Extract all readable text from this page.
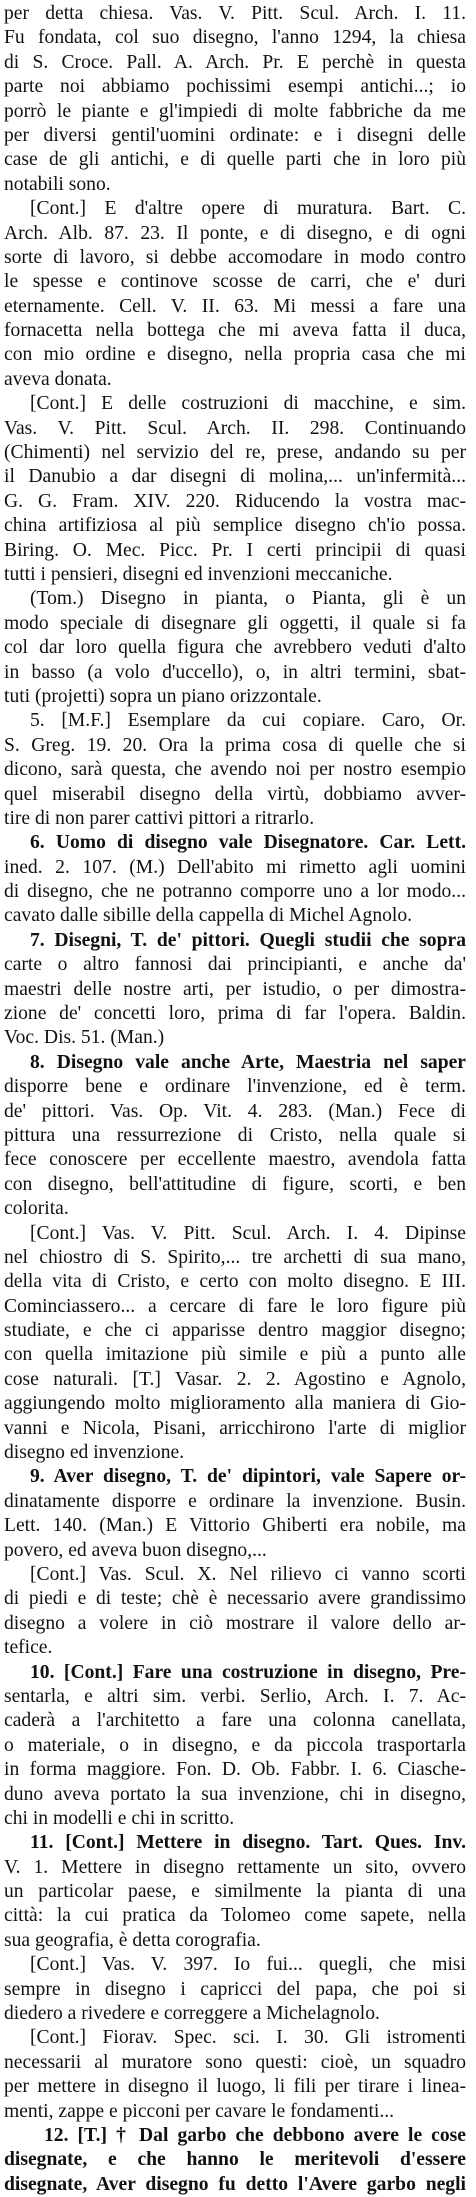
per detta chiesa. Vas. V. Pitt. Scul. Arch. I. 11.
Fu fondata, col suo disegno, l'anno 1294, la chiesa
di S. Croce. Pall. A. Arch. Pr. E perchè in questa
parte noi abbiamo pochissimi esempi antichi...; io
porrò le piante e gl'impiedi di molte fabbriche da me
per diversi gentil'uomini ordinate: e i disegni delle
case de gli antichi, e di quelle parti che in loro più
notabili sono.
[Cont.] E d'altre opere di muratura. Bart. C.
Arch. Alb. 87. 23. Il ponte, e di disegno, e di ogni
sorte di lavoro, si debbe accomodare in modo contro
le spesse e continove scosse de carri, che e' duri
eternamente. Cell. V. II. 63. Mi messi a fare una
fornacetta nella bottega che mi aveva fatta il duca,
con mio ordine e disegno, nella propria casa che mi
aveva donata.
[Cont.] E delle costruzioni di macchine, e sim.
Vas. V. Pitt. Scul. Arch. II. 298. Continuando
(Chimenti) nel servizio del re, prese, andando su per
il Danubio a dar disegni di molina,... un'infermità...
G. G. Fram. XIV. 220. Riducendo la vostra mac-
china artifiziosa al più semplice disegno ch'io possa.
Biring. O. Mec. Picc. Pr. I certi principii di quasi
tutti i pensieri, disegni ed invenzioni meccaniche.
(Tom.) Disegno in pianta, o Pianta, gli è un
modo speciale di disegnare gli oggetti, il quale si fa
col dar loro quella figura che avrebbero veduti d'alto
in basso (a volo d'uccello), o, in altri termini, sbat-
tuti (projetti) sopra un piano orizzontale.
5. [M.F.] Esemplare da cui copiare. Caro, Or.
S. Greg. 19. 20. Ora la prima cosa di quelle che si
dicono, sarà questa, che avendo noi per nostro esempio
quel miserabil disegno della virtù, dobbiamo avver-
tire di non parer cattivi pittori a ritrarlo.
6. Uomo di disegno vale Disegnatore. Car. Lett.
ined. 2. 107. (M.) Dell'abito mi rimetto agli uomini
di disegno, che ne potranno comporre uno a lor modo...
cavato dalle sibille della cappella di Michel Agnolo.
7. Disegni, T. de' pittori. Quegli studii che sopra
carte o altro fannosi dai principianti, e anche da'
maestri delle nostre arti, per istudio, o per dimostra-
zione de' concetti loro, prima di far l'opera. Baldin.
Voc. Dis. 51. (Man.)
8. Disegno vale anche Arte, Maestria nel saper
disporre bene e ordinare l'invenzione, ed è term.
de' pittori. Vas. Op. Vit. 4. 283. (Man.) Fece di
pittura una ressurrezione di Cristo, nella quale si
fece conoscere per eccellente maestro, avendola fatta
con disegno, bell'attitudine di figure, scorti, e ben
colorita.
[Cont.] Vas. V. Pitt. Scul. Arch. I. 4. Dipinse
nel chiostro di S. Spirito,... tre archetti di sua mano,
della vita di Cristo, e certo con molto disegno. E III.
Cominciassero... a cercare di fare le loro figure più
studiate, e che ci apparisse dentro maggior disegno;
con quella imitazione più simile e più a punto alle
cose naturali. [T.] Vasar. 2. 2. Agostino e Agnolo,
aggiungendo molto miglioramento alla maniera di Gio-
vanni e Nicola, Pisani, arricchirono l'arte di miglior
disegno ed invenzione.
9. Aver disegno, T. de' dipintori, vale Sapere or-
dinatamente disporre e ordinare la invenzione. Busin.
Lett. 140. (Man.) E Vittorio Ghiberti era nobile, ma
povero, ed aveva buon disegno,...
[Cont.] Vas. Scul. X. Nel rilievo ci vanno scorti
di piedi e di teste; chè è necessario avere grandissimo
disegno a volere in ciò mostrare il valore dello ar-
tefice.
10. [Cont.] Fare una costruzione in disegno, Pre-
sentarla, e altri sim. verbi. Serlio, Arch. I. 7. Ac-
caderà a l'architetto a fare una colonna canellata,
o materiale, o in disegno, e da piccola trasportarla
in forma maggiore. Fon. D. Ob. Fabbr. I. 6. Ciasche-
duno aveva portato la sua invenzione, chi in disegno,
chi in modelli e chi in scritto.
11. [Cont.] Mettere in disegno. Tart. Ques. Inv.
V. 1. Mettere in disegno rettamente un sito, ovvero
un particolar paese, e similmente la pianta di una
città: la cui pratica da Tolomeo come sapete, nella
sua geografia, è detta corografia.
[Cont.] Vas. V. 397. Io fui... quegli, che misi
sempre in disegno i capricci del papa, che poi si
diedero a rivedere e correggere a Michelagnolo.
[Cont.] Fiorav. Spec. sci. I. 30. Gli istromenti
necessarii al muratore sono questi: cioè, un squadro
per mettere in disegno il luogo, li fili per tirare i linea-
menti, zappe e picconi per cavare le fondamenti...
12. [T.] † Dal garbo che debbono avere le cose
disegnate, e che hanno le meritevoli d'essere
disegnate, Aver disegno fu detto l'Avere garbo negli
